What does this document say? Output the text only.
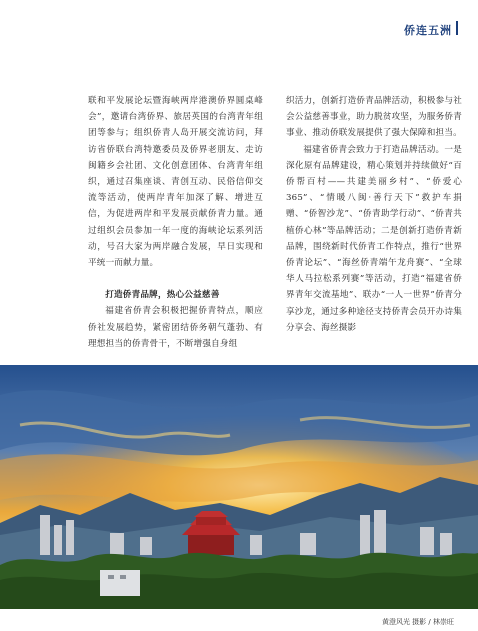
侨连五洲

联和平发展论坛暨海峡两岸港澳侨界圆桌峰会”，邀请台湾侨界、旅居英国的台湾青年组团等参与；组织侨青人岛开展交流访问，拜访省侨联台湾特邀委员及侨界老朋友、走访闽籍乡会社团、文化创意团体、台湾青年组织，通过召集座谈、青创互动、民俗信仰交流等活动，使两岸青年加深了解、增进互信，为促进两岸和平发展贡献侨青力量。通过组织会员参加一年一度的海峡论坛系列活动，号召大家为两岸融合发展，早日实现和平统一而献力量。

打造侨青品牌，热心公益慈善

福建省侨青会积极把握侨青特点，顺应侨社发展趋势，紧密团结侨务朝气蓬勃、有理想担当的侨青骨干，不断增强自身组

织活力，创新打造侨青品牌活动，积极参与社会公益慈善事业，助力脱贫攻坚，为服务侨青事业、推动侨联发展提供了强大保障和担当。

福建省侨青会致力于打造品牌活动。一是深化原有品牌建设，精心策划并持续做好“百侨帮百村——共建美丽乡村”、“侨爱心365”、“情暖八闽·善行天下”救护车捐赠、“侨智沙龙”、“侨青助学行动”、“侨青共植侨心林”等品牌活动；二是创新打造侨青新品牌，围绕新时代侨青工作特点，推行“世界侨青论坛”、“海丝侨青端午龙舟赛”、“全球华人马拉松系列赛”等活动，打造“福建省侨界青年交流基地”、联办“一人一世界”侨青分享沙龙，通过多种途径支持侨青会员开办诗集分享会、海丝摄影

黄澄风光 摄影 / 林崇旺
